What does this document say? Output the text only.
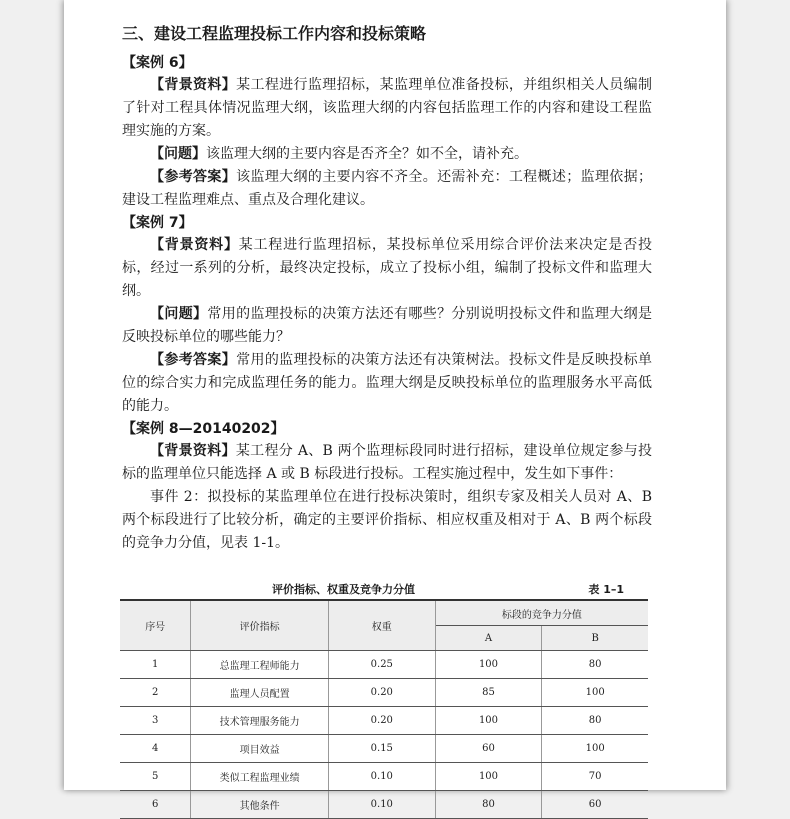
三、建设工程监理投标工作内容和投标策略
【案例 6】

【背景资料】某工程进行监理招标，某监理单位准备投标，并组织相关人员编制了针对工程具体情况监理大纲，该监理大纲的内容包括监理工作的内容和建设工程监理实施的方案。

【问题】该监理大纲的主要内容是否齐全？如不全，请补充。

【参考答案】该监理大纲的主要内容不齐全。还需补充：工程概述；监理依据；建设工程监理难点、重点及合理化建议。

【案例 7】

【背景资料】某工程进行监理招标，某投标单位采用综合评价法来决定是否投标，经过一系列的分析，最终决定投标，成立了投标小组，编制了投标文件和监理大纲。

【问题】常用的监理投标的决策方法还有哪些？分别说明投标文件和监理大纲是反映投标单位的哪些能力？

【参考答案】常用的监理投标的决策方法还有决策树法。投标文件是反映投标单位的综合实力和完成监理任务的能力。监理大纲是反映投标单位的监理服务水平高低的能力。

【案例 8—20140202】

【背景资料】某工程分 A、B 两个监理标段同时进行招标，建设单位规定参与投标的监理单位只能选择 A 或 B 标段进行投标。工程实施过程中，发生如下事件：

事件 2：拟投标的某监理单位在进行投标决策时，组织专家及相关人员对 A、B 两个标段进行了比较分析，确定的主要评价指标、相应权重及相对于 A、B 两个标段的竞争力分值，见表 1-1。

评价指标、权重及竞争力分值	表 1–1
序号	评价指标	权重	标段的竞争力分值	
			A	B
1	总监理工程师能力	0.25	100	80
2	监理人员配置	0.20	85	100
3	技术管理服务能力	0.20	100	80
4	项目效益	0.15	60	100
5	类似工程监理业绩	0.10	100	70
6	其他条件	0.10	80	60
